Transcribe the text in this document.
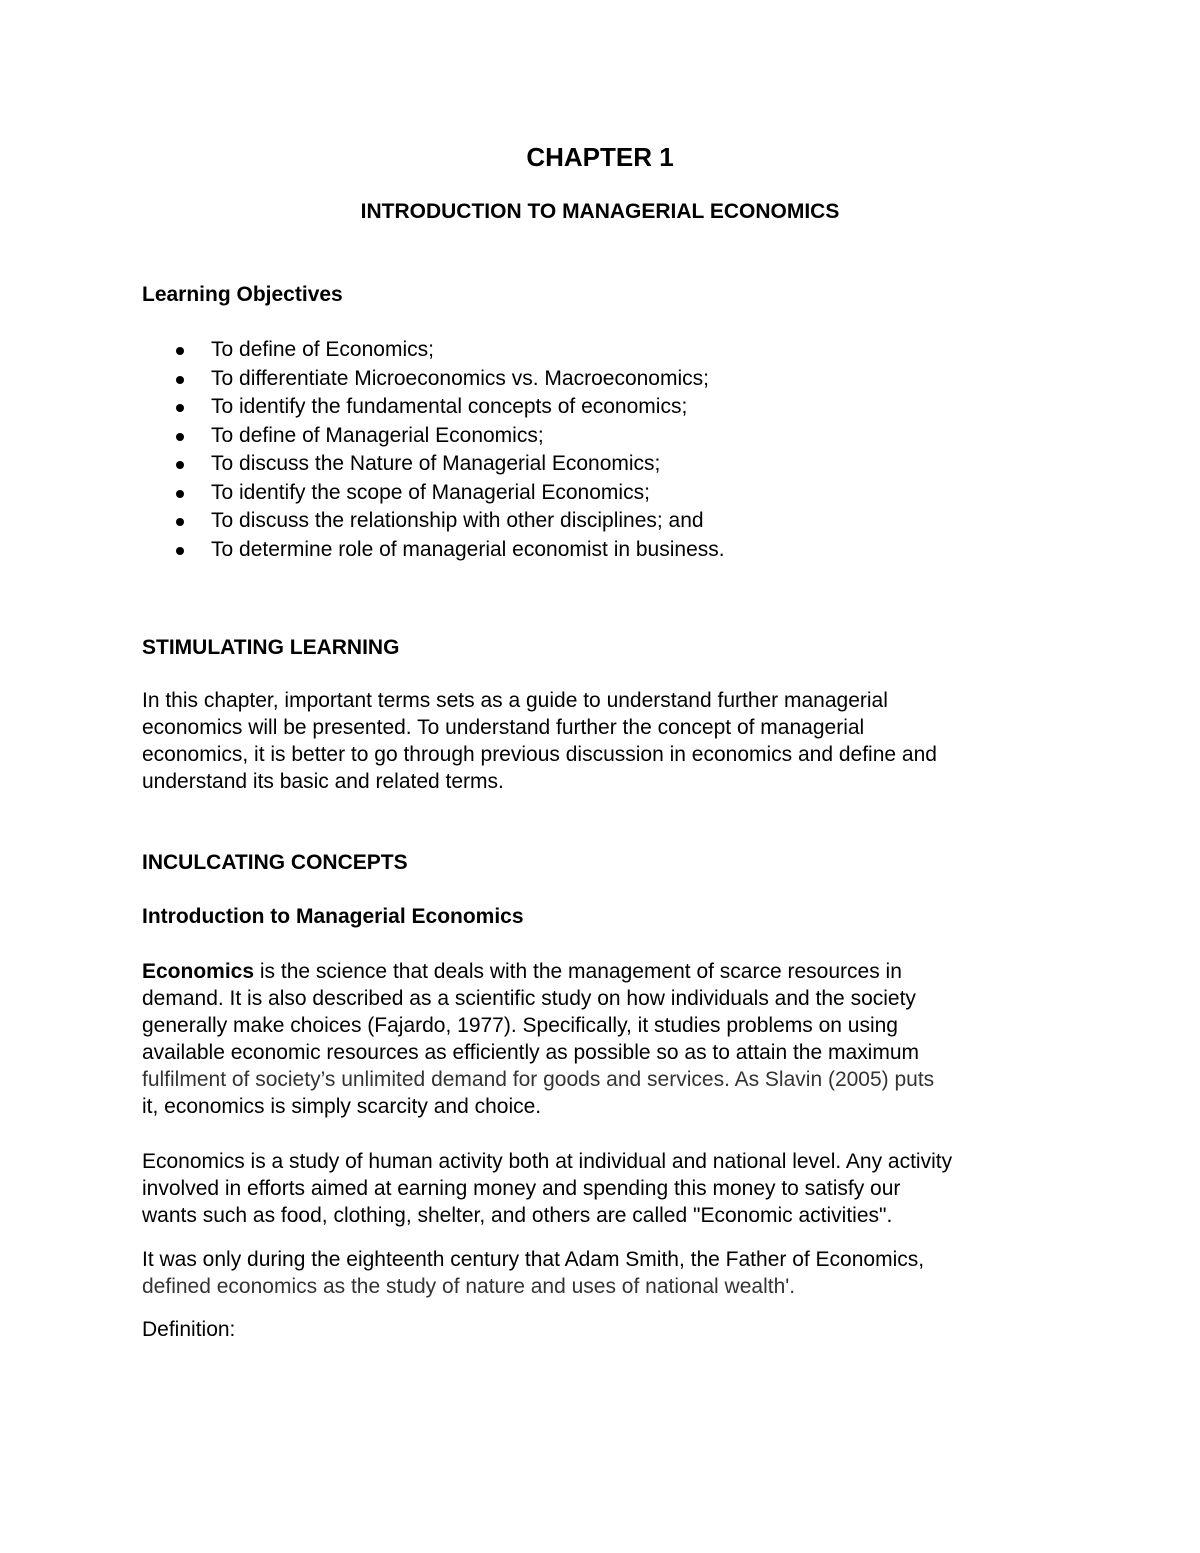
CHAPTER 1
INTRODUCTION TO MANAGERIAL ECONOMICS
Learning Objectives
To define of Economics;
To differentiate Microeconomics vs. Macroeconomics;
To identify the fundamental concepts of economics;
To define of Managerial Economics;
To discuss the Nature of Managerial Economics;
To identify the scope of Managerial Economics;
To discuss the relationship with other disciplines; and
To determine role of managerial economist in business.
STIMULATING LEARNING

In this chapter, important terms sets as a guide to understand further managerial
economics will be presented. To understand further the concept of managerial
economics, it is better to go through previous discussion in economics and define and
understand its basic and related terms.

INCULCATING CONCEPTS
Introduction to Managerial Economics

Economics is the science that deals with the management of scarce resources in
demand. It is also described as a scientific study on how individuals and the society
generally make choices (Fajardo, 1977). Specifically, it studies problems on using
available economic resources as efficiently as possible so as to attain the maximum
fulfilment of society’s unlimited demand for goods and services. As Slavin (2005) puts
it, economics is simply scarcity and choice.

Economics is a study of human activity both at individual and national level. Any activity
involved in efforts aimed at earning money and spending this money to satisfy our
wants such as food, clothing, shelter, and others are called "Economic activities".

It was only during the eighteenth century that Adam Smith, the Father of Economics,
defined economics as the study of nature and uses of national wealth'.

Definition:
